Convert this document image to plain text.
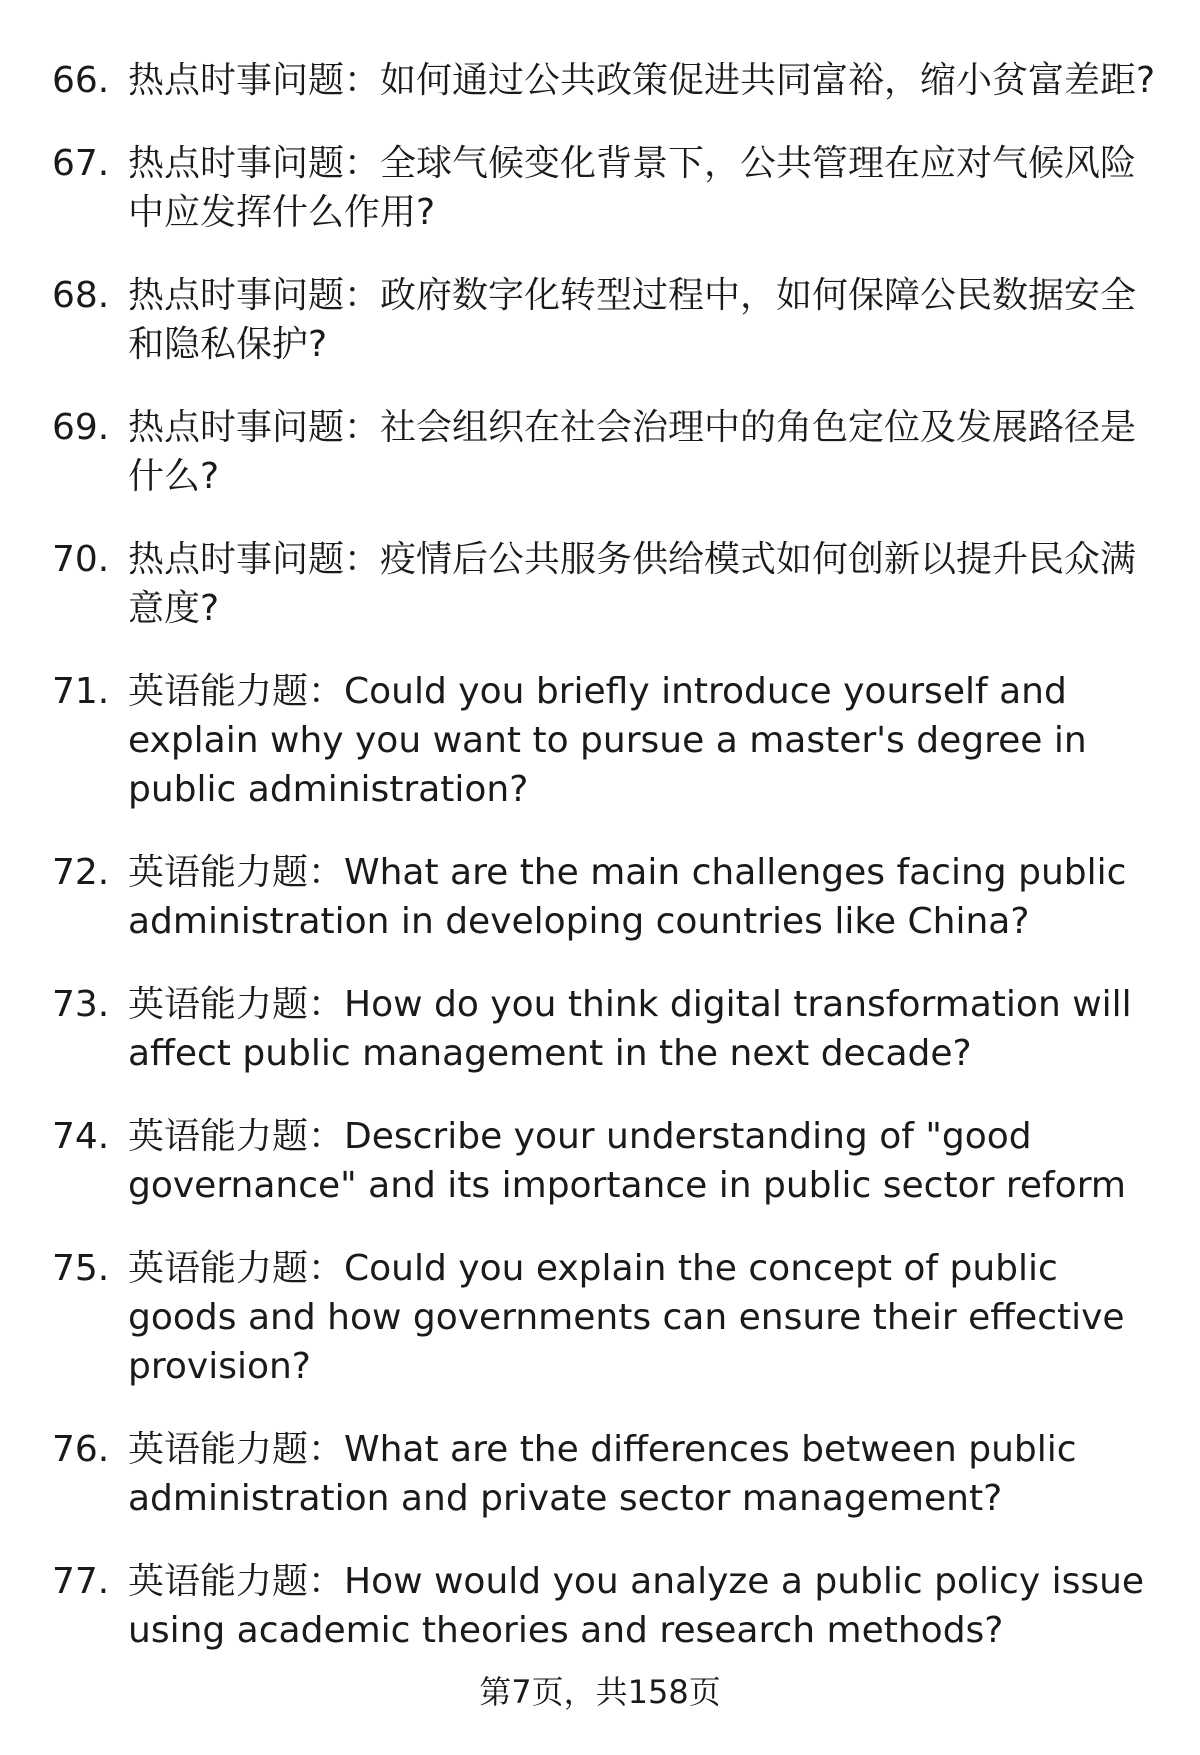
66. 热点时事问题：如何通过公共政策促进共同富裕，缩小贫富差距?
67. 热点时事问题：全球气候变化背景下，公共管理在应对气候风险中应发挥什么作用?
68. 热点时事问题：政府数字化转型过程中，如何保障公民数据安全和隐私保护?
69. 热点时事问题：社会组织在社会治理中的角色定位及发展路径是什么?
70. 热点时事问题：疫情后公共服务供给模式如何创新以提升民众满意度?
71. 英语能力题：Could you briefly introduce yourself and explain why you want to pursue a master's degree in public administration?
72. 英语能力题：What are the main challenges facing public administration in developing countries like China?
73. 英语能力题：How do you think digital transformation will affect public management in the next decade?
74. 英语能力题：Describe your understanding of "good governance" and its importance in public sector reform
75. 英语能力题：Could you explain the concept of public goods and how governments can ensure their effective provision?
76. 英语能力题：What are the differences between public administration and private sector management?
77. 英语能力题：How would you analyze a public policy issue using academic theories and research methods?
第7页，共158页
